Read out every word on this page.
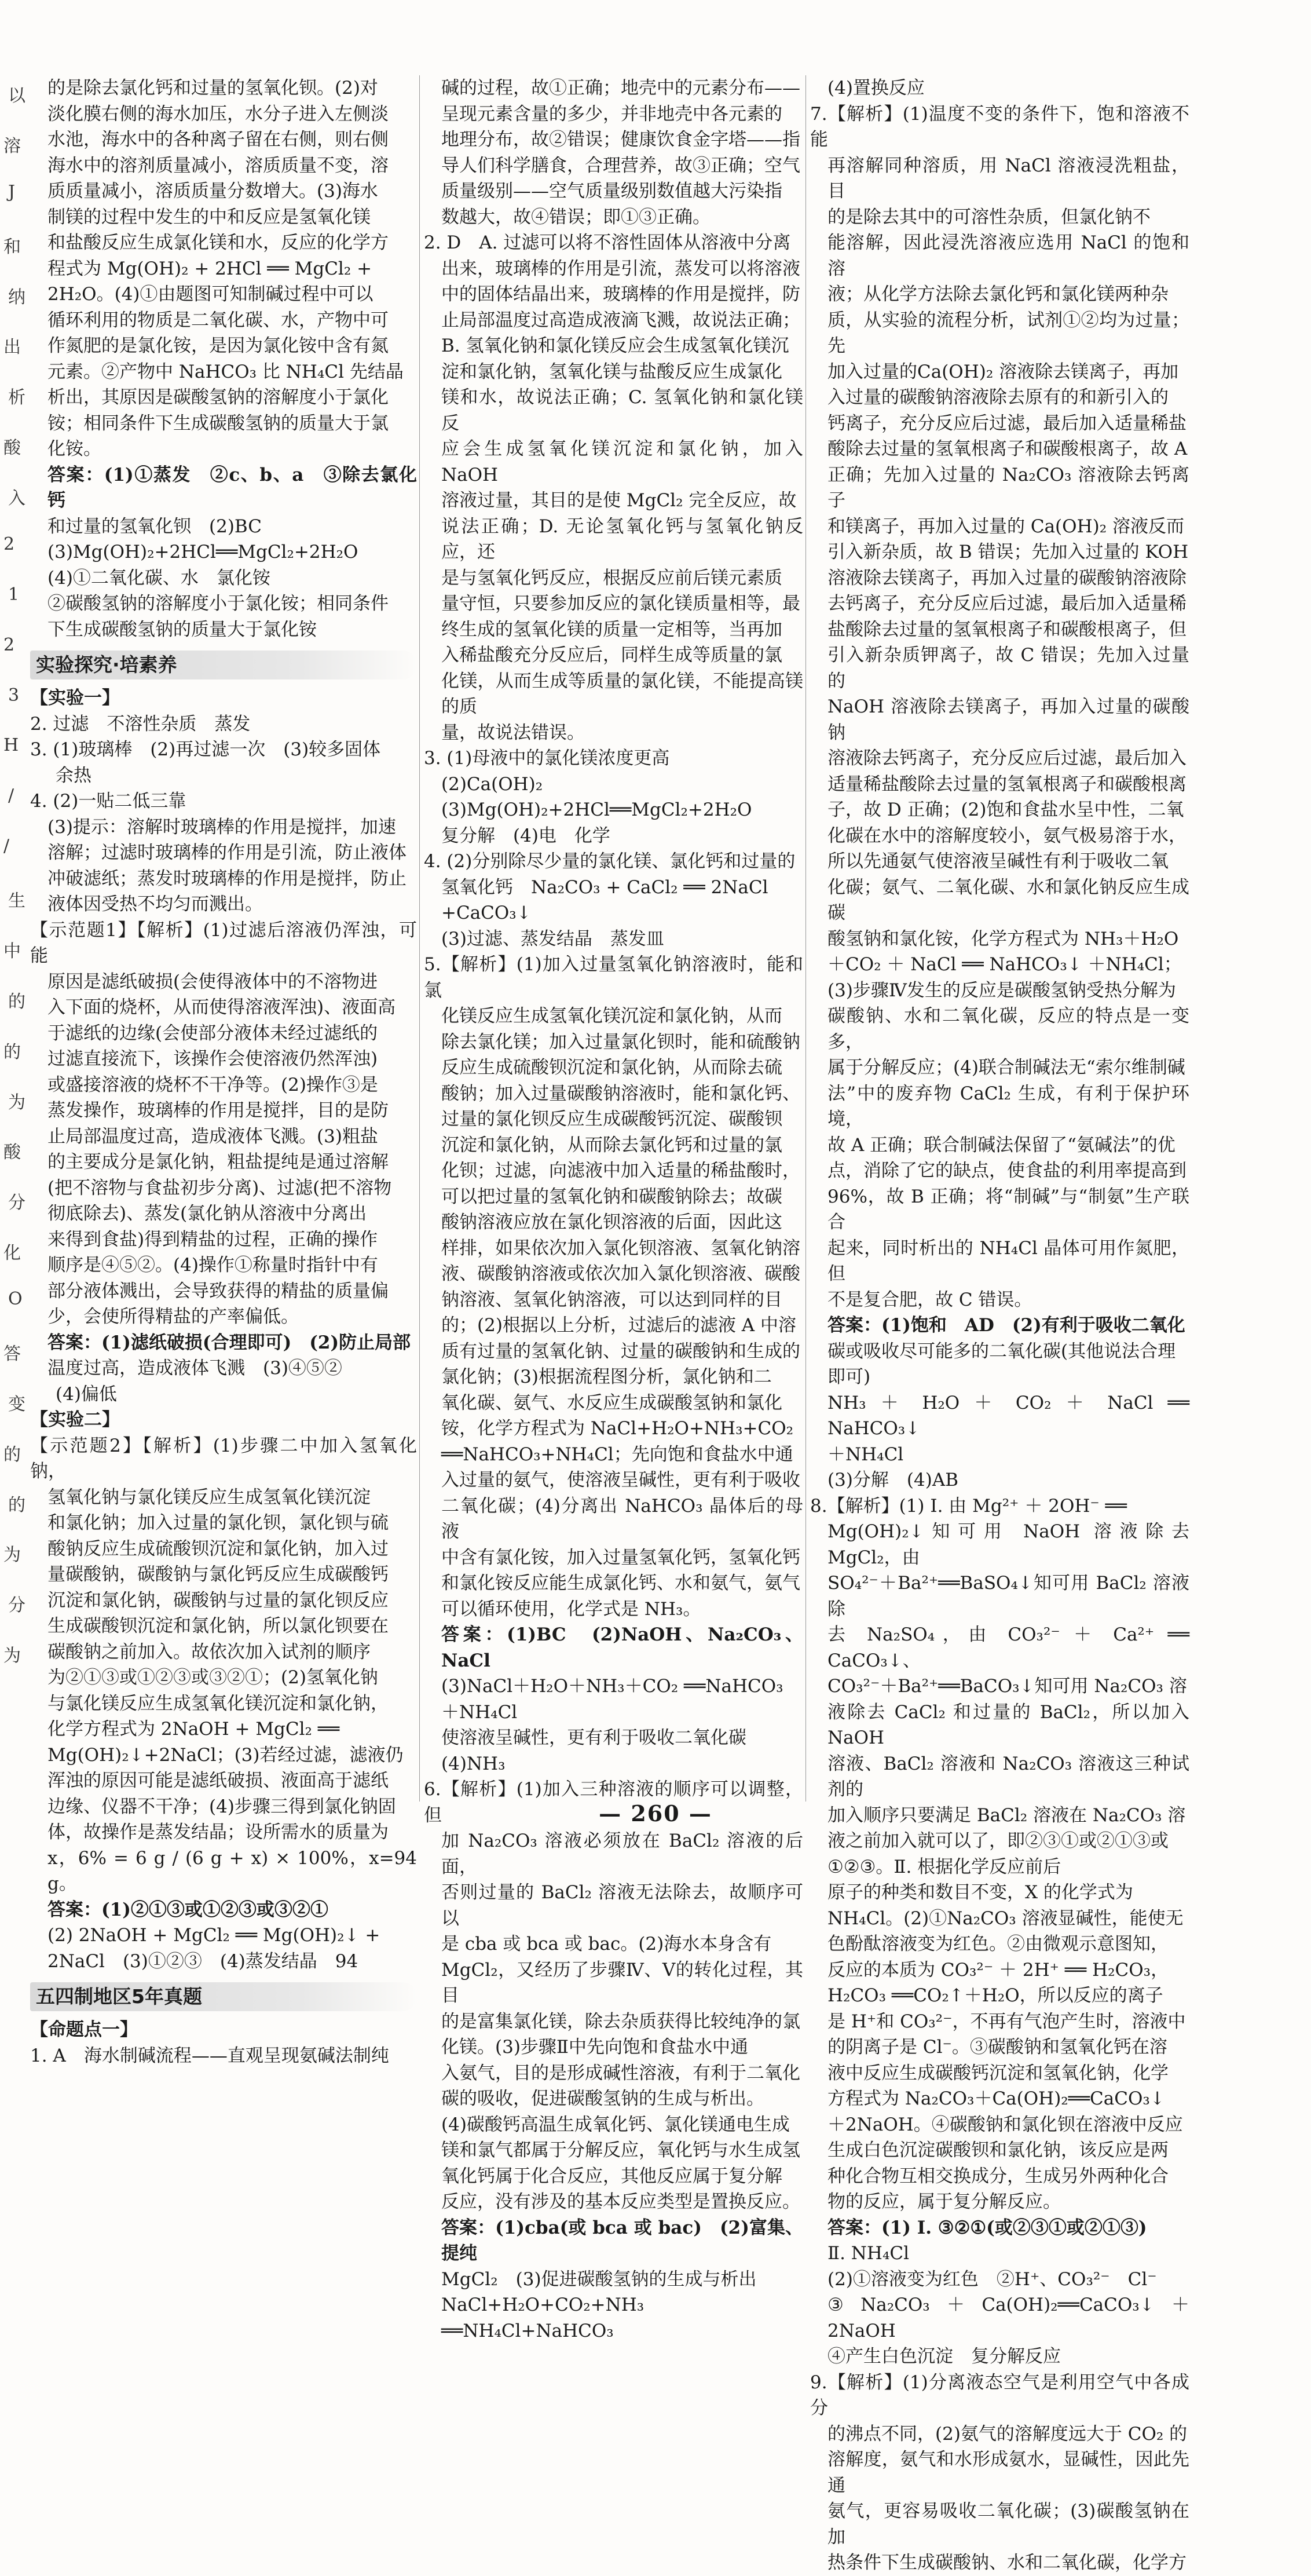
以
溶
J
和
纳
出
析
酸
入
2
1
2
3
H
/
/
生
中
的
的
为
酸
分
化
O
答
变
的
的
为
分
为

的是除去氯化钙和过量的氢氧化钡。(2)对

淡化膜右侧的海水加压，水分子进入左侧淡

水池，海水中的各种离子留在右侧，则右侧

海水中的溶剂质量减小，溶质质量不变，溶

质质量减小，溶质质量分数增大。(3)海水

制镁的过程中发生的中和反应是氢氧化镁

和盐酸反应生成氯化镁和水，反应的化学方

程式为 Mg(OH)₂ + 2HCl ══ MgCl₂ +

2H₂O。(4)①由题图可知制碱过程中可以

循环利用的物质是二氧化碳、水，产物中可

作氮肥的是氯化铵，是因为氯化铵中含有氮

元素。②产物中 NaHCO₃ 比 NH₄Cl 先结晶

析出，其原因是碳酸氢钠的溶解度小于氯化

铵；相同条件下生成碳酸氢钠的质量大于氯

化铵。

答案：(1)①蒸发　②c、b、a　③除去氯化钙

和过量的氢氧化钡　(2)BC

(3)Mg(OH)₂+2HCl══MgCl₂+2H₂O

(4)①二氧化碳、水　氯化铵

②碳酸氢钠的溶解度小于氯化铵；相同条件

下生成碳酸氢钠的质量大于氯化铵

实验探究·培素养

【实验一】

2. 过滤　不溶性杂质　蒸发

3. (1)玻璃棒　(2)再过滤一次　(3)较多固体

余热

4. (2)一贴二低三靠

(3)提示：溶解时玻璃棒的作用是搅拌，加速

溶解；过滤时玻璃棒的作用是引流，防止液体

冲破滤纸；蒸发时玻璃棒的作用是搅拌，防止

液体因受热不均匀而溅出。

【示范题1】【解析】(1)过滤后溶液仍浑浊，可能

原因是滤纸破损(会使得液体中的不溶物进

入下面的烧杯，从而使得溶液浑浊)、液面高

于滤纸的边缘(会使部分液体未经过滤纸的

过滤直接流下，该操作会使溶液仍然浑浊)

或盛接溶液的烧杯不干净等。(2)操作③是

蒸发操作，玻璃棒的作用是搅拌，目的是防

止局部温度过高，造成液体飞溅。(3)粗盐

的主要成分是氯化钠，粗盐提纯是通过溶解

(把不溶物与食盐初步分离)、过滤(把不溶物

彻底除去)、蒸发(氯化钠从溶液中分离出

来得到食盐)得到精盐的过程，正确的操作

顺序是④⑤②。(4)操作①称量时指针中有

部分液体溅出，会导致获得的精盐的质量偏

少，会使所得精盐的产率偏低。

答案：(1)滤纸破损(合理即可)　(2)防止局部

温度过高，造成液体飞溅　(3)④⑤②

(4)偏低

【实验二】

【示范题2】【解析】(1)步骤二中加入氢氧化钠，

氢氧化钠与氯化镁反应生成氢氧化镁沉淀

和氯化钠；加入过量的氯化钡，氯化钡与硫

酸钠反应生成硫酸钡沉淀和氯化钠，加入过

量碳酸钠，碳酸钠与氯化钙反应生成碳酸钙

沉淀和氯化钠，碳酸钠与过量的氯化钡反应

生成碳酸钡沉淀和氯化钠，所以氯化钡要在

碳酸钠之前加入。故依次加入试剂的顺序

为②①③或①②③或③②①；(2)氢氧化钠

与氯化镁反应生成氢氧化镁沉淀和氯化钠，

化学方程式为 2NaOH + MgCl₂ ══

Mg(OH)₂↓+2NaCl；(3)若经过滤，滤液仍

浑浊的原因可能是滤纸破损、液面高于滤纸

边缘、仪器不干净；(4)步骤三得到氯化钠固

体，故操作是蒸发结晶；设所需水的质量为

x，6% = 6 g / (6 g + x) × 100%，x=94 g。

答案：(1)②①③或①②③或③②①

(2) 2NaOH + MgCl₂ ══ Mg(OH)₂↓ +

2NaCl　(3)①②③　(4)蒸发结晶　94

五四制地区5年真题

【命题点一】

1. A　海水制碱流程——直观呈现氨碱法制纯

碱的过程，故①正确；地壳中的元素分布——

呈现元素含量的多少，并非地壳中各元素的

地理分布，故②错误；健康饮食金字塔——指

导人们科学膳食，合理营养，故③正确；空气

质量级别——空气质量级别数值越大污染指

数越大，故④错误；即①③正确。

2. D　A. 过滤可以将不溶性固体从溶液中分离

出来，玻璃棒的作用是引流，蒸发可以将溶液

中的固体结晶出来，玻璃棒的作用是搅拌，防

止局部温度过高造成液滴飞溅，故说法正确；

B. 氢氧化钠和氯化镁反应会生成氢氧化镁沉

淀和氯化钠，氢氧化镁与盐酸反应生成氯化

镁和水，故说法正确；C. 氢氧化钠和氯化镁反

应会生成氢氧化镁沉淀和氯化钠，加入 NaOH

溶液过量，其目的是使 MgCl₂ 完全反应，故

说法正确；D. 无论氢氧化钙与氢氧化钠反应，还

是与氢氧化钙反应，根据反应前后镁元素质

量守恒，只要参加反应的氯化镁质量相等，最

终生成的氢氧化镁的质量一定相等，当再加

入稀盐酸充分反应后，同样生成等质量的氯

化镁，从而生成等质量的氯化镁，不能提高镁的质

量，故说法错误。

3. (1)母液中的氯化镁浓度更高

(2)Ca(OH)₂

(3)Mg(OH)₂+2HCl══MgCl₂+2H₂O

复分解　(4)电　化学

4. (2)分别除尽少量的氯化镁、氯化钙和过量的

氢氧化钙　Na₂CO₃ + CaCl₂ ══ 2NaCl

+CaCO₃↓

(3)过滤、蒸发结晶　蒸发皿

5.【解析】(1)加入过量氢氧化钠溶液时，能和氯

化镁反应生成氢氧化镁沉淀和氯化钠，从而

除去氯化镁；加入过量氯化钡时，能和硫酸钠

反应生成硫酸钡沉淀和氯化钠，从而除去硫

酸钠；加入过量碳酸钠溶液时，能和氯化钙、

过量的氯化钡反应生成碳酸钙沉淀、碳酸钡

沉淀和氯化钠，从而除去氯化钙和过量的氯

化钡；过滤，向滤液中加入适量的稀盐酸时，

可以把过量的氢氧化钠和碳酸钠除去；故碳

酸钠溶液应放在氯化钡溶液的后面，因此这

样排，如果依次加入氯化钡溶液、氢氧化钠溶

液、碳酸钠溶液或依次加入氯化钡溶液、碳酸

钠溶液、氢氧化钠溶液，可以达到同样的目

的；(2)根据以上分析，过滤后的滤液 A 中溶

质有过量的氢氧化钠、过量的碳酸钠和生成的

氯化钠；(3)根据流程图分析，氯化钠和二

氧化碳、氨气、水反应生成碳酸氢钠和氯化

铵，化学方程式为 NaCl+H₂O+NH₃+CO₂

══NaHCO₃+NH₄Cl；先向饱和食盐水中通

入过量的氨气，使溶液呈碱性，更有利于吸收

二氧化碳；(4)分离出 NaHCO₃ 晶体后的母液

中含有氯化铵，加入过量氢氧化钙，氢氧化钙

和氯化铵反应能生成氯化钙、水和氨气，氨气

可以循环使用，化学式是 NH₃。

答案：(1)BC　(2)NaOH、Na₂CO₃、NaCl

(3)NaCl＋H₂O＋NH₃＋CO₂ ══NaHCO₃

＋NH₄Cl

使溶液呈碱性，更有利于吸收二氧化碳

(4)NH₃

6.【解析】(1)加入三种溶液的顺序可以调整，但

加 Na₂CO₃ 溶液必须放在 BaCl₂ 溶液的后面，

否则过量的 BaCl₂ 溶液无法除去，故顺序可以

是 cba 或 bca 或 bac。(2)海水本身含有

MgCl₂，又经历了步骤Ⅳ、Ⅴ的转化过程，其目

的是富集氯化镁，除去杂质获得比较纯净的氯

化镁。(3)步骤Ⅱ中先向饱和食盐水中通

入氨气，目的是形成碱性溶液，有利于二氧化

碳的吸收，促进碳酸氢钠的生成与析出。

(4)碳酸钙高温生成氧化钙、氯化镁通电生成

镁和氯气都属于分解反应，氧化钙与水生成氢

氧化钙属于化合反应，其他反应属于复分解

反应，没有涉及的基本反应类型是置换反应。

答案：(1)cba(或 bca 或 bac)　(2)富集、提纯

MgCl₂　(3)促进碳酸氢钠的生成与析出

NaCl+H₂O+CO₂+NH₃ ══NH₄Cl+NaHCO₃

(4)置换反应

7.【解析】(1)温度不变的条件下，饱和溶液不能

再溶解同种溶质，用 NaCl 溶液浸洗粗盐，目

的是除去其中的可溶性杂质，但氯化钠不

能溶解，因此浸洗溶液应选用 NaCl 的饱和溶

液；从化学方法除去氯化钙和氯化镁两种杂

质，从实验的流程分析，试剂①②均为过量；先

加入过量的Ca(OH)₂ 溶液除去镁离子，再加

入过量的碳酸钠溶液除去原有的和新引入的

钙离子，充分反应后过滤，最后加入适量稀盐

酸除去过量的氢氧根离子和碳酸根离子，故 A

正确；先加入过量的 Na₂CO₃ 溶液除去钙离子

和镁离子，再加入过量的 Ca(OH)₂ 溶液反而

引入新杂质，故 B 错误；先加入过量的 KOH

溶液除去镁离子，再加入过量的碳酸钠溶液除

去钙离子，充分反应后过滤，最后加入适量稀

盐酸除去过量的氢氧根离子和碳酸根离子，但

引入新杂质钾离子，故 C 错误；先加入过量的

NaOH 溶液除去镁离子，再加入过量的碳酸钠

溶液除去钙离子，充分反应后过滤，最后加入

适量稀盐酸除去过量的氢氧根离子和碳酸根离

子，故 D 正确；(2)饱和食盐水呈中性，二氧

化碳在水中的溶解度较小，氨气极易溶于水，

所以先通氨气使溶液呈碱性有利于吸收二氧

化碳；氨气、二氧化碳、水和氯化钠反应生成碳

酸氢钠和氯化铵，化学方程式为 NH₃＋H₂O

＋CO₂ ＋ NaCl ══ NaHCO₃↓ ＋NH₄Cl；

(3)步骤Ⅳ发生的反应是碳酸氢钠受热分解为

碳酸钠、水和二氧化碳，反应的特点是一变多，

属于分解反应；(4)联合制碱法无“索尔维制碱

法”中的废弃物 CaCl₂ 生成，有利于保护环境，

故 A 正确；联合制碱法保留了“氨碱法”的优

点，消除了它的缺点，使食盐的利用率提高到

96%，故 B 正确；将“制碱”与“制氨”生产联合

起来，同时析出的 NH₄Cl 晶体可用作氮肥，但

不是复合肥，故 C 错误。

答案：(1)饱和　AD　(2)有利于吸收二氧化

碳或吸收尽可能多的二氧化碳(其他说法合理

即可)

NH₃ ＋ H₂O ＋ CO₂ ＋ NaCl ══ NaHCO₃↓

＋NH₄Cl

(3)分解　(4)AB

8.【解析】(1) Ⅰ. 由 Mg²⁺ ＋ 2OH⁻ ══

Mg(OH)₂↓知可用 NaOH 溶液除去 MgCl₂，由

SO₄²⁻＋Ba²⁺══BaSO₄↓知可用 BaCl₂ 溶液除

去 Na₂SO₄，由 CO₃²⁻ ＋ Ca²⁺ ══ CaCO₃↓、

CO₃²⁻＋Ba²⁺══BaCO₃↓知可用 Na₂CO₃ 溶

液除去 CaCl₂ 和过量的 BaCl₂，所以加入 NaOH

溶液、BaCl₂ 溶液和 Na₂CO₃ 溶液这三种试剂的

加入顺序只要满足 BaCl₂ 溶液在 Na₂CO₃ 溶

液之前加入就可以了，即②③①或②①③或

①②③。Ⅱ. 根据化学反应前后

原子的种类和数目不变，X 的化学式为

NH₄Cl。(2)①Na₂CO₃ 溶液显碱性，能使无

色酚酞溶液变为红色。②由微观示意图知，

反应的本质为 CO₃²⁻ ＋ 2H⁺ ══ H₂CO₃，

H₂CO₃ ══CO₂↑＋H₂O，所以反应的离子

是 H⁺和 CO₃²⁻，不再有气泡产生时，溶液中

的阴离子是 Cl⁻。③碳酸钠和氢氧化钙在溶

液中反应生成碳酸钙沉淀和氢氧化钠，化学

方程式为 Na₂CO₃＋Ca(OH)₂══CaCO₃↓

＋2NaOH。④碳酸钠和氯化钡在溶液中反应

生成白色沉淀碳酸钡和氯化钠，该反应是两

种化合物互相交换成分，生成另外两种化合

物的反应，属于复分解反应。

答案：(1) Ⅰ. ③②①(或②③①或②①③)

Ⅱ. NH₄Cl

(2)①溶液变为红色　②H⁺、CO₃²⁻　Cl⁻

③Na₂CO₃＋Ca(OH)₂══CaCO₃↓＋2NaOH

④产生白色沉淀　复分解反应

9.【解析】(1)分离液态空气是利用空气中各成分

的沸点不同，(2)氨气的溶解度远大于 CO₂ 的

溶解度，氨气和水形成氨水，显碱性，因此先通

氨气，更容易吸收二氧化碳；(3)碳酸氢钠在加

热条件下生成碳酸钠、水和二氧化碳，化学方

— 260 —
